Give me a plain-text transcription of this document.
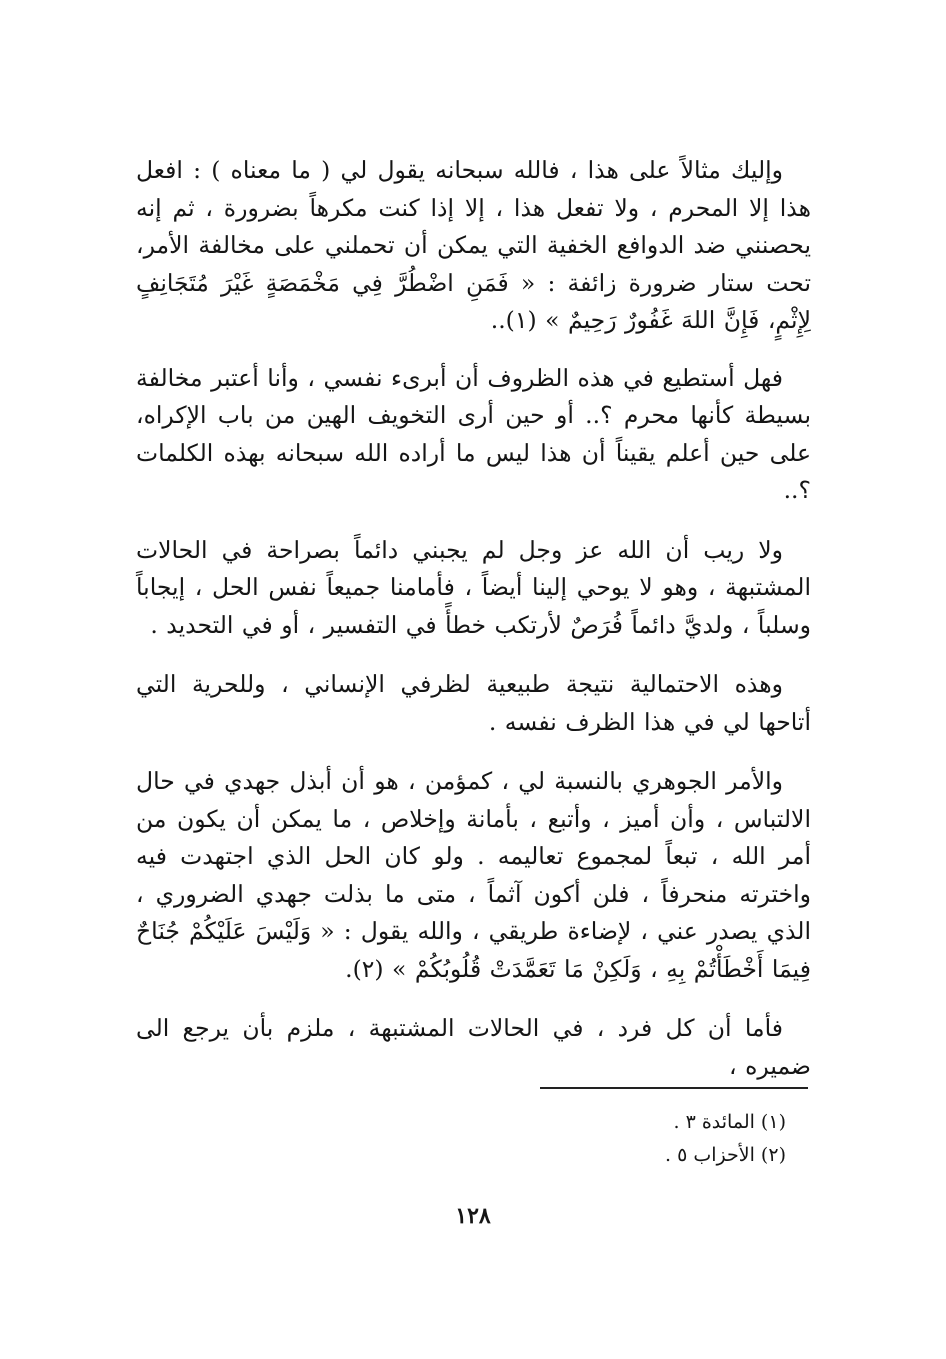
وإليك مثالاً على هذا ، فالله سبحانه يقول لي ( ما معناه ) : افعل هذا إلا المحرم ، ولا تفعل هذا ، إلا إذا كنت مكرهاً بضرورة ، ثم إنه يحصنني ضد الدوافع الخفية التي يمكن أن تحملني على مخالفة الأمر، تحت ستار ضرورة زائفة : « فَمَنِ اضْطُرَّ فِي مَخْمَصَةٍ غَيْرَ مُتَجَانِفٍ لِإِثْمٍ، فَإِنَّ اللهَ غَفُورٌ رَحِيمٌ » (١)..

فهل أستطيع في هذه الظروف أن أبرىء نفسي ، وأنا أعتبر مخالفة بسيطة كأنها محرم ؟.. أو حين أرى التخويف الهين من باب الإكراه، على حين أعلم يقيناً أن هذا ليس ما أراده الله سبحانه بهذه الكلمات ؟..

ولا ريب أن الله عز وجل لم يجبني دائماً بصراحة في الحالات المشتبهة ، وهو لا يوحي إلينا أيضاً ، فأمامنا جميعاً نفس الحل ، إيجاباً وسلباً ، ولديَّ دائماً فُرَصٌ لأرتكب خطأً في التفسير ، أو في التحديد .

وهذه الاحتمالية نتيجة طبيعية لظرفي الإنساني ، وللحرية التي أتاحها لي في هذا الظرف نفسه .

والأمر الجوهري بالنسبة لي ، كمؤمن ، هو أن أبذل جهدي في حال الالتباس ، وأن أميز ، وأتبع ، بأمانة وإخلاص ، ما يمكن أن يكون من أمر الله ، تبعاً لمجموع تعاليمه . ولو كان الحل الذي اجتهدت فيه واخترته منحرفاً ، فلن أكون آثماً ، متى ما بذلت جهدي الضروري ، الذي يصدر عني ، لإضاءة طريقي ، والله يقول : « وَلَيْسَ عَلَيْكُمْ جُنَاحٌ فِيمَا أَخْطَأْتُمْ بِهِ ، وَلَكِنْ مَا تَعَمَّدَتْ قُلُوبُكُمْ » (٢).

فأما أن كل فرد ، في الحالات المشتبهة ، ملزم بأن يرجع الى ضميره ،

(١) المائدة ٣ .

(٢) الأحزاب ٥ .

١٢٨
